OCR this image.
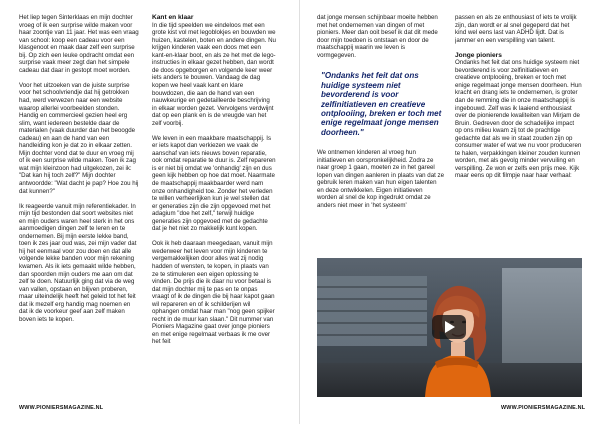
Het liep tegen Sinterklaas en mijn dochter vroeg of ik een surprise wilde maken voor haar zoontje van 11 jaar. Het was een vraag van school: koop een cadeau voor een klasgenoot en maak daar zelf een surprise bij. Op zich een leuke opdracht omdat een surprise vaak meer zegt dan het simpele cadeau dat daar in gestopt moet worden.

Voor het uitzoeken van de juiste surprise voor het schoolvriendje dat hij getrokken had, werd verwezen naar een website waarop allerlei voorbeelden stonden. Handig en commercieel gezien heel erg slim, want iedereen bestelde daar de materialen (vaak duurder dan het beoogde cadeau) en aan de hand van een handleiding kon je dat zo in elkaar zetten. Mijn dochter vond dat te duur en vroeg mij of ik een surprise wilde maken. Toen ik zag wat mijn kleinzoon had uitgekozen, zei ik: "Dat kan hij toch zelf?" Mijn dochter antwoordde: "Wat dacht je pap? Hoe zou hij dat kunnen?"

Ik reageerde vanuit mijn referentiekader. In mijn tijd bestonden dat soort websites niet en mijn ouders waren heel sterk in het ons aanmoedigen dingen zelf te leren en te ondernemen. Bij mijn eerste lekke band, toen ik zes jaar oud was, zei mijn vader dat hij het eenmaal voor zou doen en dat alle volgende lekke banden voor mijn rekening kwamen. Als ik iets gemaakt wilde hebben, dan spoorden mijn ouders me aan om dat zelf te doen. Natuurlijk ging dat via de weg van vallen, opstaan en blijven proberen, maar uiteindelijk heeft het geleid tot het feit dat ik mezelf erg handig mag noemen en dat ik de voorkeur geef aan zelf maken boven iets te kopen.

Kant en klaar

In die tijd speelden we eindeloos met een grote kist vol met legoblokjes en bouwden we huizen, kastelen, boten en andere dingen. Nu krijgen kinderen vaak een doos met een kant-en-klaar boot, en als ze het met de lego-instructies in elkaar gezet hebben, dan wordt de doos opgeborgen en volgende keer weer iets anders te bouwen. Vandaag de dag kopen we heel vaak kant en klare bouwdozen, die aan de hand van een nauwkeurige en gedetailleerde beschrijving in elkaar worden gezet. Vervolgens verdwijnt dat op een plank en is de vreugde van het zelf voorbij.

We leven in een maakbare maatschappij. Is er iets kapot dan verkiezen we vaak de aanschaf van iets nieuws boven reparatie, ook omdat reparatie te duur is. Zelf repareren is er niet bij omdat we 'onhandig' zijn en dus geen kijk hebben op hoe dat moet. Naarmate de maatschappij maakbaarder werd nam onze onhandigheid toe. Zonder het verleden te willen verheerlijken kun je wel stellen dat er generaties zijn die zijn opgevoed met het adagium "doe het zelf," terwijl huidige generaties zijn opgevoed met de gedachte dat je het niet zo makkelijk kunt kopen.

Ook ik heb daaraan meegedaan, vanuit mijn wederweer het leven voor mijn kinderen te vergemakkelijken door alles wat zij nodig hadden of wensten, te kopen, in plaats van ze te stimuleren een eigen oplossing te vinden. De prijs die ik daar nu voor betaal is dat mijn dochter mij te pas en te onpas vraagt of ik de dingen die bij haar kapot gaan wil repareren en of ik schilderijen wil ophangen omdat haar man "nog geen spijker recht in de muur kan slaan." Dit nummer van Pioniers Magazine gaat over jonge pioniers en met enige regelmaat verbaas ik me over het feit

WWW.PIONIERSMAGAZINE.NL

dat jonge mensen schijnbaar moeite hebben met het ondernemen van dingen of met pioniers. Meer dan ooit besef ik dat dit mede door mijn toedoen is ontstaan en door de maatschappij waarin we leven is vormgegeven.

"Ondanks het feit dat ons huidige systeem niet bevorderend is voor zelfinitiatieven en creatieve ontplooiing, breken er toch met enige regelmaat jonge mensen doorheen."

We ontnemen kinderen al vroeg hun initiatieven en oorspronkelijkheid. Zodra ze naar groep 1 gaan, moeten ze in het gareel lopen van dingen aanleren in plaats van dat ze gebruik leren maken van hun eigen talenten en deze ontwikkelen. Eigen initiatieven worden al snel de kop ingedrukt omdat ze anders niet meer in 'het systeem'

passen en als ze enthousiast of iets te vrolijk zijn, dan wordt er al snel gegeperd dat het kind wel eens last van ADHD lijdt. Dat is jammer en een verspilling van talent.

Jonge pioniers

Ondanks het feit dat ons huidige systeem niet bevorderend is voor zelfinitiatieven en creatieve ontplooiing, breken er toch met enige regelmaat jonge mensen doorheen. Hun kracht en drang iets te ondernemen, is groter dan de remming die in onze maatschappij is ingebouwd. Zelf was ik laaiend enthousiast over de pionierende kwaliteiten van Mirjam de Bruin. Gedreven door de schadelijke impact op ons milieu kwam zij tot de prachtige gedachte dat als we in staat zouden zijn op consumer water ef wat we nu voor produceren te halen, verpakkingen kleiner zouden kunnen worden, met als gevolg minder vervuiling en verspilling. Ze won er zelfs een prijs mee. Kijk maar eens op dit filmpje naar haar verhaal:

WWW.PIONIERSMAGAZINE.NL
